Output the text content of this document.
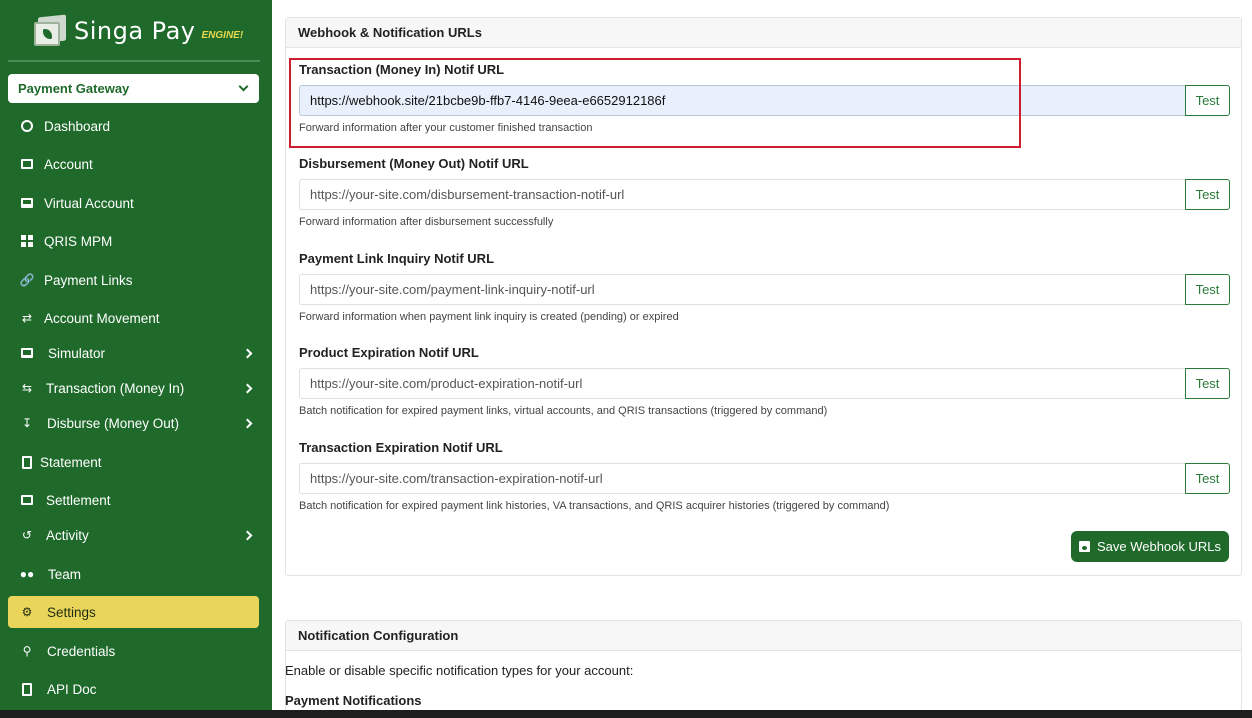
Singa Pay ENGINE!
Payment Gateway
Dashboard
Account
Virtual Account
QRIS MPM
🔗 Payment Links
⇄ Account Movement
Simulator
⇆ Transaction (Money In)
↧ Disburse (Money Out)
Statement
Settlement
↺ Activity
●● Team
⚙ Settings
⚲ Credentials
API Doc
Webhook & Notification URLs
Transaction (Money In) Notif URL
https://webhook.site/21bcbe9b-ffb7-4146-9eea-e6652912186f	Test
Forward information after your customer finished transaction
Disbursement (Money Out) Notif URL
https://your-site.com/disbursement-transaction-notif-url	Test
Forward information after disbursement successfully
Payment Link Inquiry Notif URL
https://your-site.com/payment-link-inquiry-notif-url	Test
Forward information when payment link inquiry is created (pending) or expired
Product Expiration Notif URL
https://your-site.com/product-expiration-notif-url	Test
Batch notification for expired payment links, virtual accounts, and QRIS transactions (triggered by command)
Transaction Expiration Notif URL
https://your-site.com/transaction-expiration-notif-url	Test
Batch notification for expired payment link histories, VA transactions, and QRIS acquirer histories (triggered by command)
Save Webhook URLs
Notification Configuration
Enable or disable specific notification types for your account:
Payment Notifications
